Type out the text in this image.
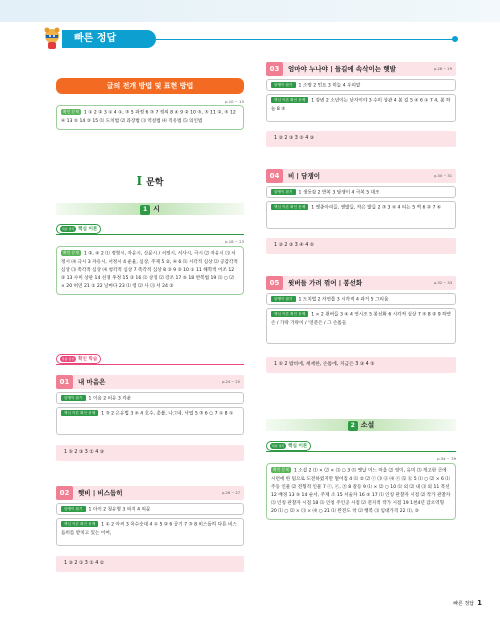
빠른 정답
글의 전개 방법 및 표현 방법
p.10 ~ 15
확인 문제 1 ① 2 ② 3 ① 4 ①, ③ 5 과정 6 ③ 7 정의 8 ④ 9 ② 10 ③, ⑤ 11 ②, ⑤ 12 ④ 13 ⑤ 14 ③ 15 ⑴ 도치법 ⑵ 과장법 ⑶ 역설법 ⑷ 직유법 ⑸ 의인법
I 문학
1 시
개념 정리 핵심 이론
p.18 ~ 23
확인 문제 1 ②, ④ 2 ⑴ 정형시, 자유시, 산문시 / 서정시, 서사시, 극시 ⑵ 자유시 ⑶ 서정시 ⑷ 극시 3 자유시, 서정시 4 운율, 심상, 주제 5 ②, ④ 6 ⑴ 시각적 심상 ⑵ 공감각적 심상 ⑶ 촉각적 심상 ⑷ 청각적 심상 7 촉각적 심상 8 ③ 9 ③ 10 ① 11 해학적 어조 12 ③ 13 수미 상관 14 선경 후정 15 ③ 16 ⑴ 상징 ⑵ 강조 17 ⑤ 18 반복법 19 ⑴ ○ ⑵ × 20 허연 21 ① 22 날마다 23 ⑴ 령 ⑵ 사 ⑶ 서 24 ②
작품 감상 확인 학습
01	내 마음은	p.24 ~ 25
알맹이 잡기 1 이음 2 비유 3 각운
핵심 이론 확인 문제 1 ③ 2 은유법 3 ④ 4 호수, 촛불, 나그네, 낙엽 5 ③ 6 ○ 7 ① 8 ①
1 ⑤ 2 ③ 3 ① 4 ③
02	햇비 | 비스듬히	p.26 ~ 27
알맹이 잡기 1 아이 2 청유형 3 의지 4 의문
핵심 이론 확인 문제 1 ① 2 아씨 3 육수숫대 4 ① 5 ② 6 공기 7 ③ 8 비스듬히 다른 비스듬히를 받치고 있는 이여,
1 ③ 2 ① 3 ① 4 ②
03	엄마야 누나야 | 들길에 속삭이는 햇발	p.28 ~ 29
알맹이 잡기 1 소망 2 민요 3 히늘 4 우리말
핵심 이론 확인 문제 1 강변 2 소년이는 낮자이야 3 수미 상관 4 봄 길 5 ④ 6 ① 7 4, 봄 하늘 8 ⑤
1 ③ 2 ③ 3 ⑤ 4 ③
04	비 | 담쟁이	p.30 ~ 31
알맹이 잡기 1 생동감 2 반복 3 담쟁이 4 극복 5 대조
핵심 이론 확인 문제 1 멧종아리들, 앤발들, 작은 발들 2 ③ 3 ④ 4 티는 5 벽 6 ② 7 ⑥
1 ③ 2 ③ 3 ④ 4 ⑤
05	윗버들 가려 꺾어 | 봉선화	p.32 ~ 33
알맹이 잡기 1 도치법 2 자연물 3 시각적 4 과거 5 그리움
핵심 이론 확인 문제 1 × 2 윗버들 3 ④ 4 연시조 5 봉선화 6 시각적 심상 7 ⑤ 8 ② 9 하얀 손 / 가락 가락이 / '연분은 / 그 손톱들
1 ⑤ 2 밤비에, 세세한, 손톱에, 지금은 3 ③ 4 ⑤
2 소설
개념 정리 핵심 이론
p.34 ~ 39
확인 문제 1 소설 2 ⑴ × ⑵ × ⑶ ○ 3 ⑴ 옛날 어느 마을 ⑵ 영이, 유미 ⑶ 개고한 곳에 시련에 한 팀으로 도전하였지만 떨어짐 4 ⑴ ② ⑵ ⓒ ⑶ ⓓ ⑷ ⓔ ⑸ ⓑ 5 ⑴ ○ ⑵ × 6 ⑴ 주동 인물 ⑵ 전형적 인물 7 ⓒ, ⓔ, ⓖ 8 갈등 9 ⑴ × ⑵ ○ 10 ⑴ 외 ⑵ 내 ⑶ 외 11 복선 12 배경 13 ⑤ 14 순서, 주제 소 15 서술자 16 ⑤ 17 ⑴ 인칭 관찰자 시점 ⑵ 작가 관찰자 ⑶ 인칭 관찰자 시점 18 ⑴ 인칭 주인공 시점 ⑵ 전지적 작가 시점 19 1천4년 감오역형 20 ⑴ ○ ⑵ × ⑶ × ⑷ ○ 21 ⑴ 완전도 착 ⑵ 행복 ⑶ 임대가격 22 ⑴, ③
빠른 정답 1
